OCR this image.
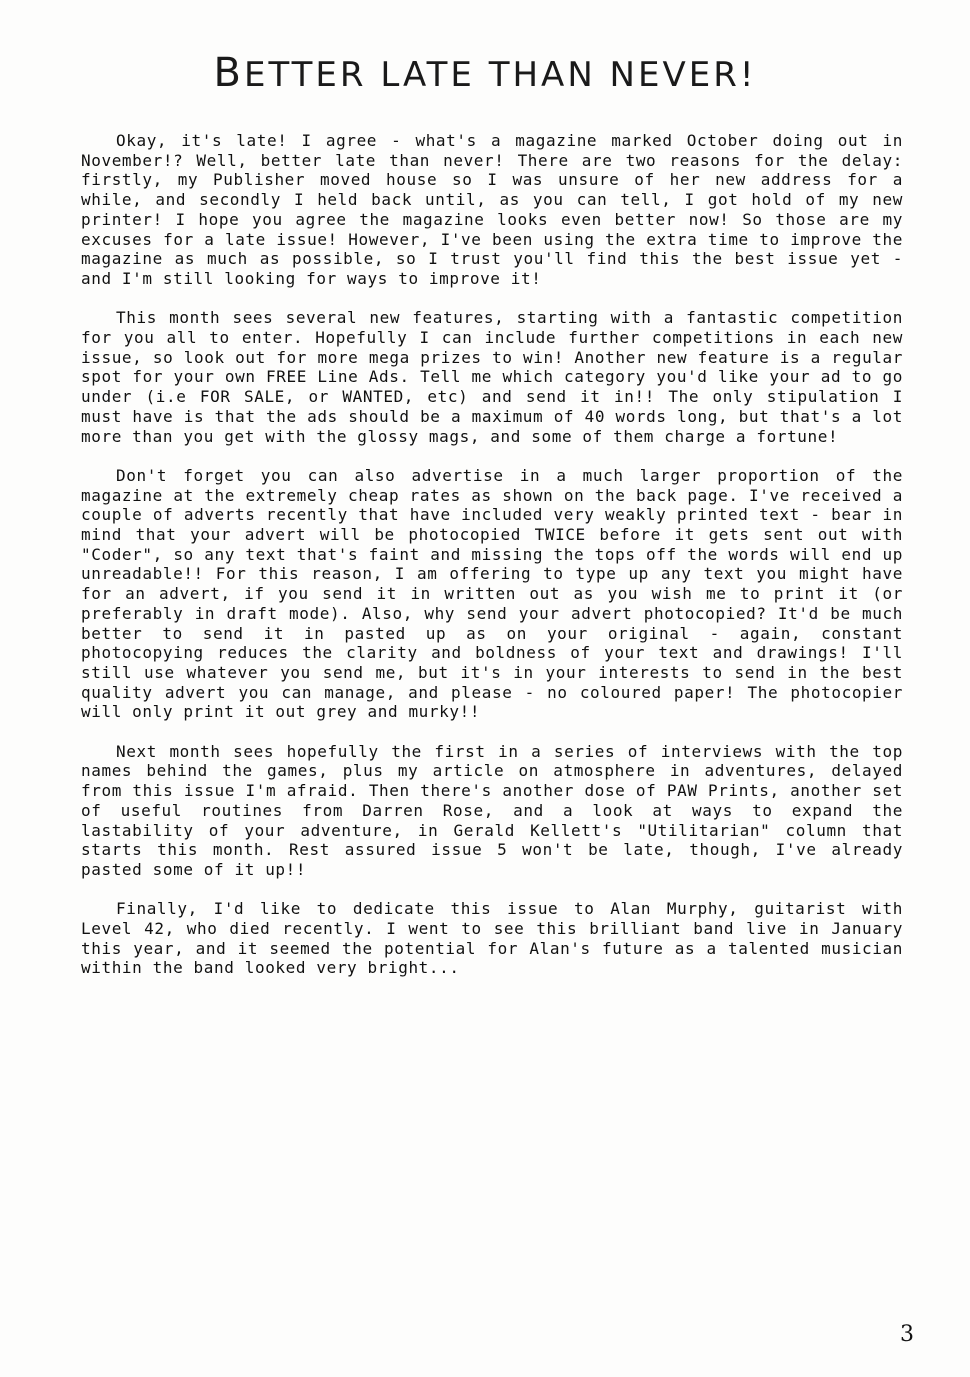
BETTER LATE THAN NEVER!

Okay, it's late! I agree - what's a magazine marked October doing out in November!? Well, better late than never! There are two reasons for the delay: firstly, my Publisher moved house so I was unsure of her new address for a while, and secondly I held back until, as you can tell, I got hold of my new printer! I hope you agree the magazine looks even better now! So those are my excuses for a late issue! However, I've been using the extra time to improve the magazine as much as possible, so I trust you'll find this the best issue yet - and I'm still looking for ways to improve it!

This month sees several new features, starting with a fantastic competition for you all to enter. Hopefully I can include further competitions in each new issue, so look out for more mega prizes to win! Another new feature is a regular spot for your own FREE Line Ads. Tell me which category you'd like your ad to go under (i.e FOR SALE, or WANTED, etc) and send it in!! The only stipulation I must have is that the ads should be a maximum of 40 words long, but that's a lot more than you get with the glossy mags, and some of them charge a fortune!

Don't forget you can also advertise in a much larger proportion of the magazine at the extremely cheap rates as shown on the back page. I've received a couple of adverts recently that have included very weakly printed text - bear in mind that your advert will be photocopied TWICE before it gets sent out with "Coder", so any text that's faint and missing the tops off the words will end up unreadable!! For this reason, I am offering to type up any text you might have for an advert, if you send it in written out as you wish me to print it (or preferably in draft mode). Also, why send your advert photocopied? It'd be much better to send it in pasted up as on your original - again, constant photocopying reduces the clarity and boldness of your text and drawings! I'll still use whatever you send me, but it's in your interests to send in the best quality advert you can manage, and please - no coloured paper! The photocopier will only print it out grey and murky!!

Next month sees hopefully the first in a series of interviews with the top names behind the games, plus my article on atmosphere in adventures, delayed from this issue I'm afraid. Then there's another dose of PAW Prints, another set of useful routines from Darren Rose, and a look at ways to expand the lastability of your adventure, in Gerald Kellett's "Utilitarian" column that starts this month. Rest assured issue 5 won't be late, though, I've already pasted some of it up!!

Finally, I'd like to dedicate this issue to Alan Murphy, guitarist with Level 42, who died recently. I went to see this brilliant band live in January this year, and it seemed the potential for Alan's future as a talented musician within the band looked very bright...

3
